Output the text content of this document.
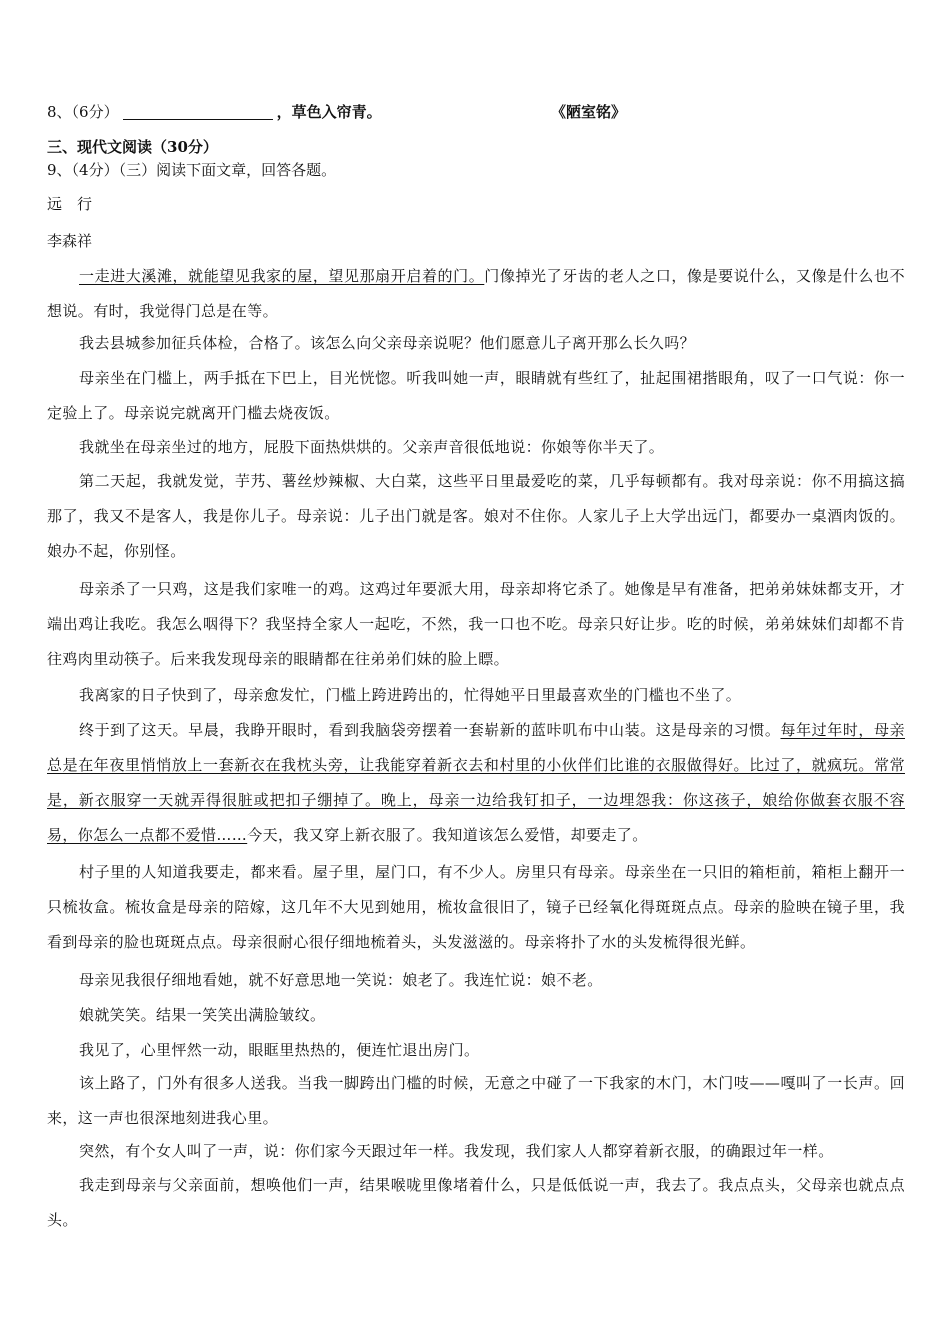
8、（6分）	，草色入帘青。	《陋室铭》
三、现代文阅读（30分）
9、（4分）（三）阅读下面文章，回答各题。
远　行
李森祥
一走进大溪滩，就能望见我家的屋，望见那扇开启着的门。门像掉光了牙齿的老人之口，像是要说什么，又像是什么也不想说。有时，我觉得门总是在等。
我去县城参加征兵体检，合格了。该怎么向父亲母亲说呢？他们愿意儿子离开那么长久吗？
母亲坐在门槛上，两手抵在下巴上，目光恍惚。听我叫她一声，眼睛就有些红了，扯起围裙揩眼角，叹了一口气说：你一定验上了。母亲说完就离开门槛去烧夜饭。
我就坐在母亲坐过的地方，屁股下面热烘烘的。父亲声音很低地说：你娘等你半天了。
第二天起，我就发觉，芋艿、薯丝炒辣椒、大白菜，这些平日里最爱吃的菜，几乎每顿都有。我对母亲说：你不用搞这搞那了，我又不是客人，我是你儿子。母亲说：儿子出门就是客。娘对不住你。人家儿子上大学出远门，都要办一桌酒肉饭的。娘办不起，你别怪。
母亲杀了一只鸡，这是我们家唯一的鸡。这鸡过年要派大用，母亲却将它杀了。她像是早有准备，把弟弟妹妹都支开，才端出鸡让我吃。我怎么咽得下？我坚持全家人一起吃，不然，我一口也不吃。母亲只好让步。吃的时候，弟弟妹妹们却都不肯往鸡肉里动筷子。后来我发现母亲的眼睛都在往弟弟们妹的脸上瞟。
我离家的日子快到了，母亲愈发忙，门槛上跨进跨出的，忙得她平日里最喜欢坐的门槛也不坐了。
终于到了这天。早晨，我睁开眼时，看到我脑袋旁摆着一套崭新的蓝咔叽布中山装。这是母亲的习惯。每年过年时，母亲总是在年夜里悄悄放上一套新衣在我枕头旁，让我能穿着新衣去和村里的小伙伴们比谁的衣服做得好。比过了，就疯玩。常常是，新衣服穿一天就弄得很脏或把扣子绷掉了。晚上，母亲一边给我钉扣子，一边埋怨我：你这孩子，娘给你做套衣服不容易，你怎么一点都不爱惜……今天，我又穿上新衣服了。我知道该怎么爱惜，却要走了。
村子里的人知道我要走，都来看。屋子里，屋门口，有不少人。房里只有母亲。母亲坐在一只旧的箱柜前，箱柜上翻开一只梳妆盒。梳妆盒是母亲的陪嫁，这几年不大见到她用，梳妆盒很旧了，镜子已经氧化得斑斑点点。母亲的脸映在镜子里，我看到母亲的脸也斑斑点点。母亲很耐心很仔细地梳着头，头发滋滋的。母亲将扑了水的头发梳得很光鲜。
母亲见我很仔细地看她，就不好意思地一笑说：娘老了。我连忙说：娘不老。
娘就笑笑。结果一笑笑出满脸皱纹。
我见了，心里怦然一动，眼眶里热热的，便连忙退出房门。
该上路了，门外有很多人送我。当我一脚跨出门槛的时候，无意之中碰了一下我家的木门，木门吱——嘎叫了一长声。回来，这一声也很深地刻进我心里。
突然，有个女人叫了一声，说：你们家今天跟过年一样。我发现，我们家人人都穿着新衣服，的确跟过年一样。
我走到母亲与父亲面前，想唤他们一声，结果喉咙里像堵着什么，只是低低说一声，我去了。我点点头，父母亲也就点点头。
